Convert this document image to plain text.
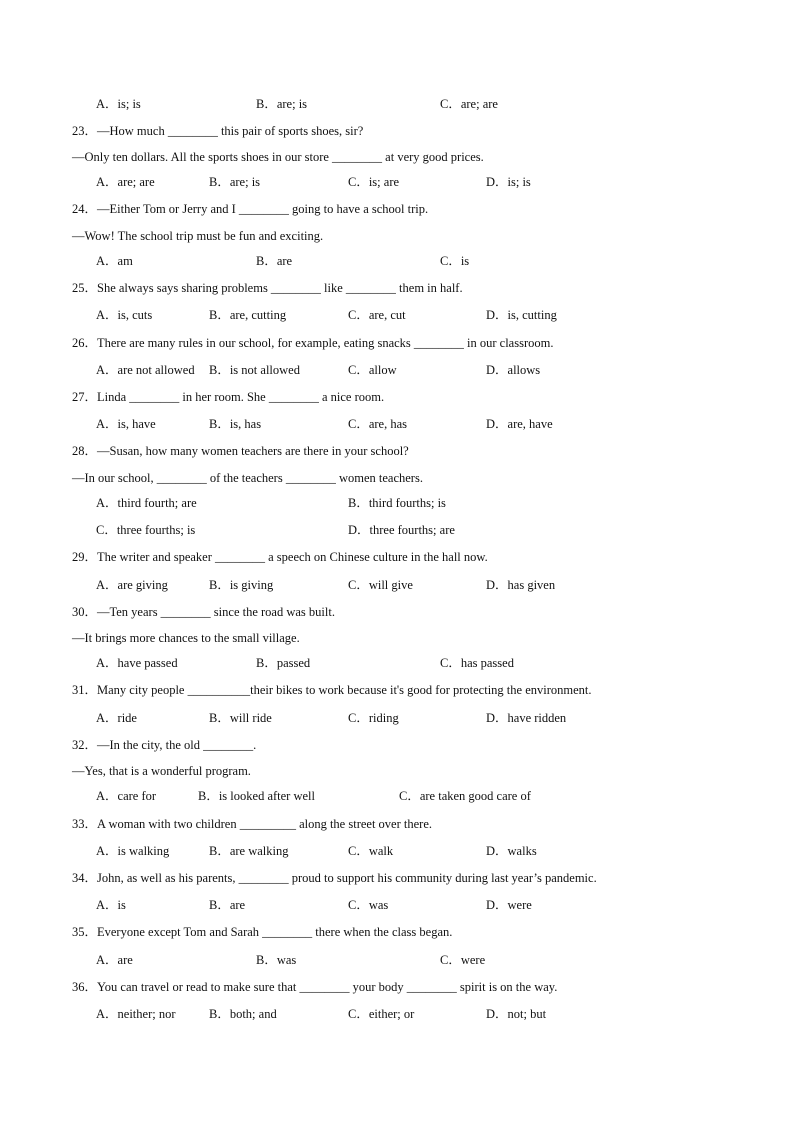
A．is; is	B．are; is	C．are; are
23．—How much ________ this pair of sports shoes, sir?
—Only ten dollars. All the sports shoes in our store ________ at very good prices.
A．are; are	B．are; is	C．is; are	D．is; is
24．—Either Tom or Jerry and I ________ going to have a school trip.
—Wow! The school trip must be fun and exciting.
A．am	B．are	C．is
25．She always says sharing problems ________ like ________ them in half.
A．is, cuts	B．are, cutting	C．are, cut	D．is, cutting
26．There are many rules in our school, for example, eating snacks ________ in our classroom.
A．are not allowed B．is not allowed	C．allow	D．allows
27．Linda ________ in her room. She ________ a nice room.
A．is, have	B．is, has	C．are, has	D．are, have
28．—Susan, how many women teachers are there in your school?
—In our school, ________ of the teachers ________ women teachers.
A．third fourth; are	B．third fourths; is
C．three fourths; is	D．three fourths; are
29．The writer and speaker ________ a speech on Chinese culture in the hall now.
A．are giving	B．is giving	C．will give	D．has given
30．—Ten years ________ since the road was built.
—It brings more chances to the small village.
A．have passed	B．passed	C．has passed
31．Many city people __________their bikes to work because it's good for protecting the environment.
A．ride	B．will ride	C．riding	D．have ridden
32．—In the city, the old ________.
—Yes, that is a wonderful program.
A．care for	B．is looked after well	C．are taken good care of
33．A woman with two children _________ along the street over there.
A．is walking	B．are walking	C．walk	D．walks
34．John, as well as his parents, ________ proud to support his community during last year’s pandemic.
A．is	B．are	C．was	D．were
35．Everyone except Tom and Sarah ________ there when the class began.
A．are	B．was	C．were
36．You can travel or read to make sure that ________ your body ________ spirit is on the way.
A．neither; nor	B．both; and	C．either; or	D．not; but
